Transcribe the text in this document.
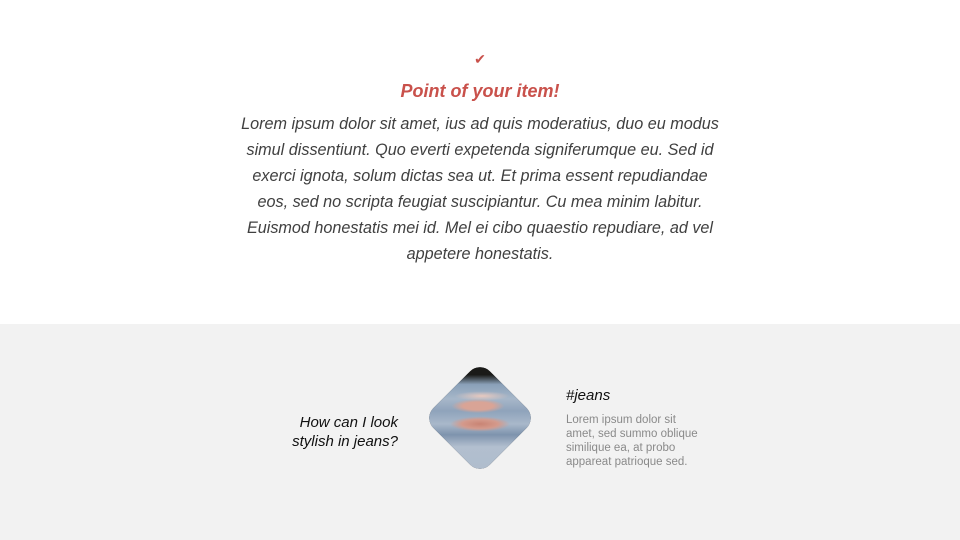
✔
Point of your item!
Lorem ipsum dolor sit amet, ius ad quis moderatius, duo eu modus simul dissentiunt. Quo everti expetenda signiferumque eu. Sed id exerci ignota, solum dictas sea ut. Et prima essent repudiandae eos, sed no scripta feugiat suscipiantur. Cu mea minim labitur. Euismod honestatis mei id. Mel ei cibo quaestio repudiare, ad vel appetere honestatis.
How can I look stylish in jeans?
#jeans
Lorem ipsum dolor sit amet, sed summo oblique similique ea, at probo appareat patrioque sed.
